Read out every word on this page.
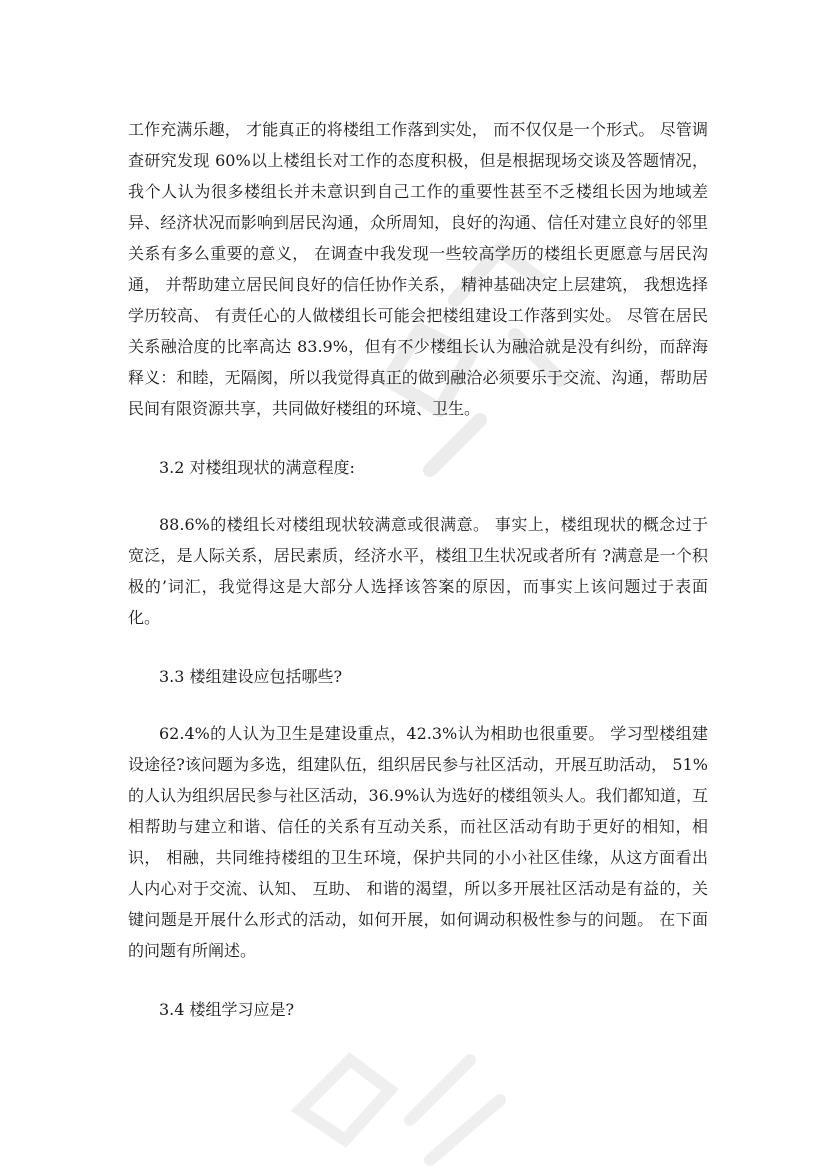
工作充满乐趣， 才能真正的将楼组工作落到实处， 而不仅仅是一个形式。 尽管调查研究发现 60%以上楼组长对工作的态度积极，但是根据现场交谈及答题情况，我个人认为很多楼组长并未意识到自己工作的重要性甚至不乏楼组长因为地域差异、经济状况而影响到居民沟通，众所周知，良好的沟通、信任对建立良好的邻里关系有多么重要的意义， 在调查中我发现一些较高学历的楼组长更愿意与居民沟通， 并帮助建立居民间良好的信任协作关系， 精神基础决定上层建筑， 我想选择学历较高、 有责任心的人做楼组长可能会把楼组建设工作落到实处。 尽管在居民关系融洽度的比率高达 83.9%，但有不少楼组长认为融洽就是没有纠纷，而辞海释义：和睦，无隔阂，所以我觉得真正的做到融洽必须要乐于交流、沟通，帮助居民间有限资源共享，共同做好楼组的环境、卫生。

3.2 对楼组现状的满意程度:

88.6%的楼组长对楼组现状较满意或很满意。 事实上，楼组现状的概念过于宽泛，是人际关系，居民素质，经济水平，楼组卫生状况或者所有 ?满意是一个积极的’词汇，我觉得这是大部分人选择该答案的原因，而事实上该问题过于表面化。

3.3 楼组建设应包括哪些?

62.4%的人认为卫生是建设重点，42.3%认为相助也很重要。 学习型楼组建设途径?该问题为多选，组建队伍，组织居民参与社区活动，开展互助活动， 51%的人认为组织居民参与社区活动，36.9%认为选好的楼组领头人。我们都知道，互相帮助与建立和谐、信任的关系有互动关系，而社区活动有助于更好的相知，相识， 相融，共同维持楼组的卫生环境，保护共同的小小社区佳缘，从这方面看出人内心对于交流、认知、 互助、 和谐的渴望，所以多开展社区活动是有益的，关键问题是开展什么形式的活动，如何开展，如何调动积极性参与的问题。 在下面的问题有所阐述。

3.4 楼组学习应是?
